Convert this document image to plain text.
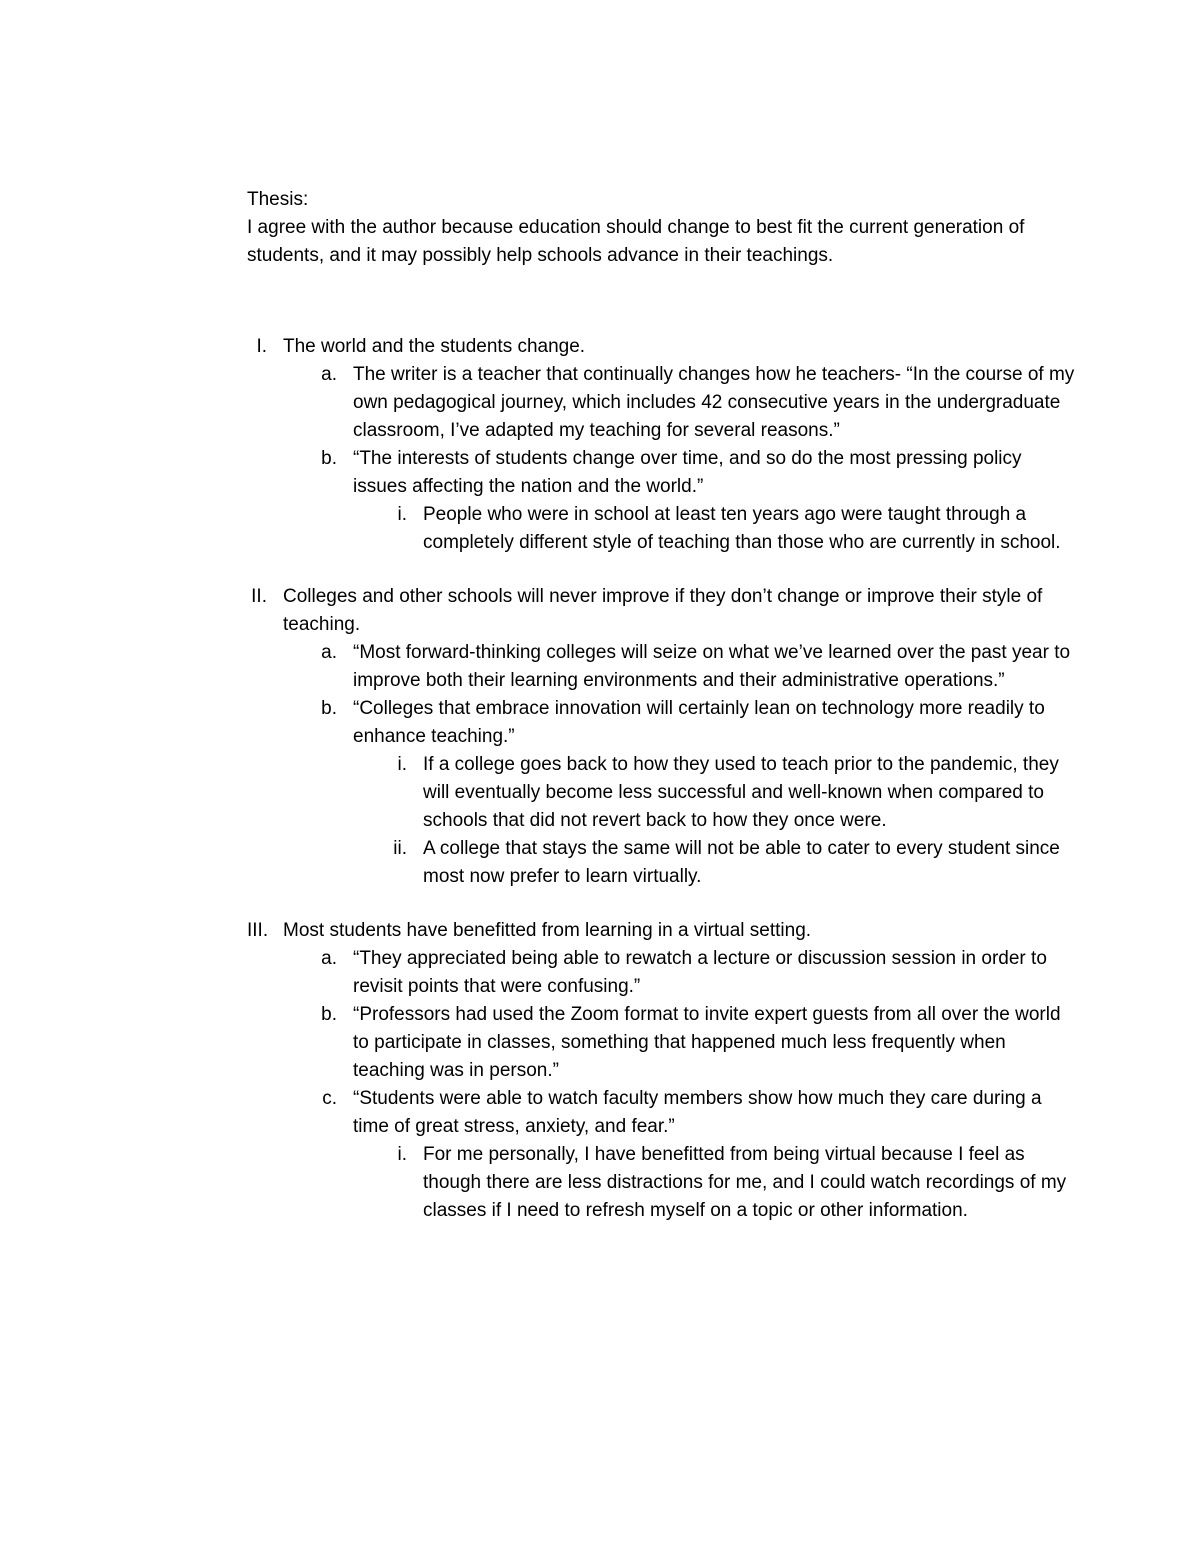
Thesis:

I agree with the author because education should change to best fit the current generation of students, and it may possibly help schools advance in their teachings.

I. The world and the students change.
a. The writer is a teacher that continually changes how he teachers- “In the course of my own pedagogical journey, which includes 42 consecutive years in the undergraduate classroom, I’ve adapted my teaching for several reasons.”
b. “The interests of students change over time, and so do the most pressing policy issues affecting the nation and the world.”
i. People who were in school at least ten years ago were taught through a completely different style of teaching than those who are currently in school.
II. Colleges and other schools will never improve if they don’t change or improve their style of teaching.
a. “Most forward-thinking colleges will seize on what we’ve learned over the past year to improve both their learning environments and their administrative operations.”
b. “Colleges that embrace innovation will certainly lean on technology more readily to enhance teaching.”
i. If a college goes back to how they used to teach prior to the pandemic, they will eventually become less successful and well-known when compared to schools that did not revert back to how they once were.
ii. A college that stays the same will not be able to cater to every student since most now prefer to learn virtually.
III. Most students have benefitted from learning in a virtual setting.
a. “They appreciated being able to rewatch a lecture or discussion session in order to revisit points that were confusing.”
b. “Professors had used the Zoom format to invite expert guests from all over the world to participate in classes, something that happened much less frequently when teaching was in person.”
c. “Students were able to watch faculty members show how much they care during a time of great stress, anxiety, and fear.”
i. For me personally, I have benefitted from being virtual because I feel as though there are less distractions for me, and I could watch recordings of my classes if I need to refresh myself on a topic or other information.
